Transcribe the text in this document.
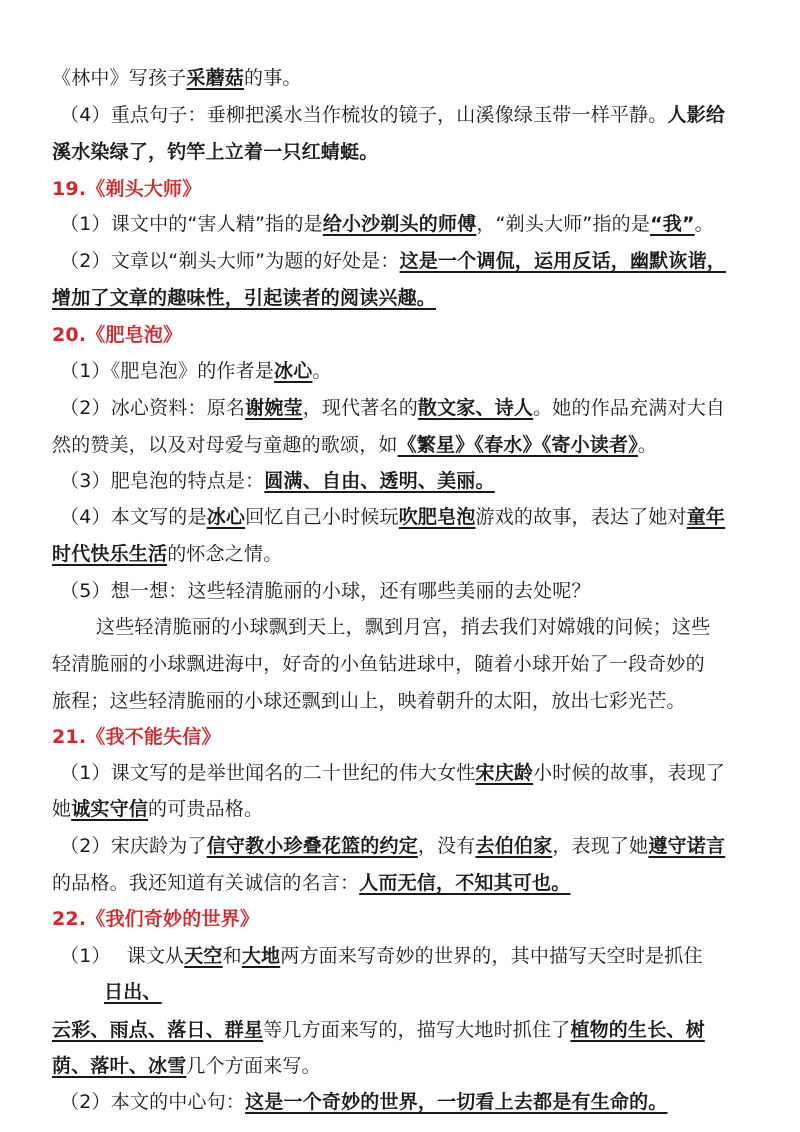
《林中》写孩子采蘑菇的事。
（4）重点句子：垂柳把溪水当作梳妆的镜子，山溪像绿玉带一样平静。人影给
溪水染绿了，钓竿上立着一只红蜻蜓。
19.《剃头大师》
（1）课文中的“害人精”指的是给小沙剃头的师傅，“剃头大师”指的是“我”。
（2）文章以“剃头大师”为题的好处是：这是一个调侃，运用反话，幽默诙谐，
增加了文章的趣味性，引起读者的阅读兴趣。
20.《肥皂泡》
（1）《肥皂泡》的作者是冰心。
（2）冰心资料：原名谢婉莹，现代著名的散文家、诗人。她的作品充满对大自
然的赞美，以及对母爱与童趣的歌颂，如《繁星》《春水》《寄小读者》。
（3）肥皂泡的特点是：圆满、自由、透明、美丽。
（4）本文写的是冰心回忆自己小时候玩吹肥皂泡游戏的故事，表达了她对童年
时代快乐生活的怀念之情。
（5）想一想：这些轻清脆丽的小球，还有哪些美丽的去处呢？
这些轻清脆丽的小球飘到天上，飘到月宫，捎去我们对嫦娥的问候；这些
轻清脆丽的小球飘进海中，好奇的小鱼钻进球中，随着小球开始了一段奇妙的
旅程；这些轻清脆丽的小球还飘到山上，映着朝升的太阳，放出七彩光芒。
21.《我不能失信》
（1）课文写的是举世闻名的二十世纪的伟大女性宋庆龄小时候的故事，表现了
她诚实守信的可贵品格。
（2）宋庆龄为了信守教小珍叠花篮的约定，没有去伯伯家，表现了她遵守诺言
的品格。我还知道有关诚信的名言：人而无信，不知其可也。
22.《我们奇妙的世界》
（1）　 课文从天空和大地两方面来写奇妙的世界的，其中描写天空时是抓住
日出、
云彩、雨点、落日、群星等几方面来写的，描写大地时抓住了植物的生长、树
荫、落叶、冰雪几个方面来写。
（2）本文的中心句：这是一个奇妙的世界，一切看上去都是有生命的。
